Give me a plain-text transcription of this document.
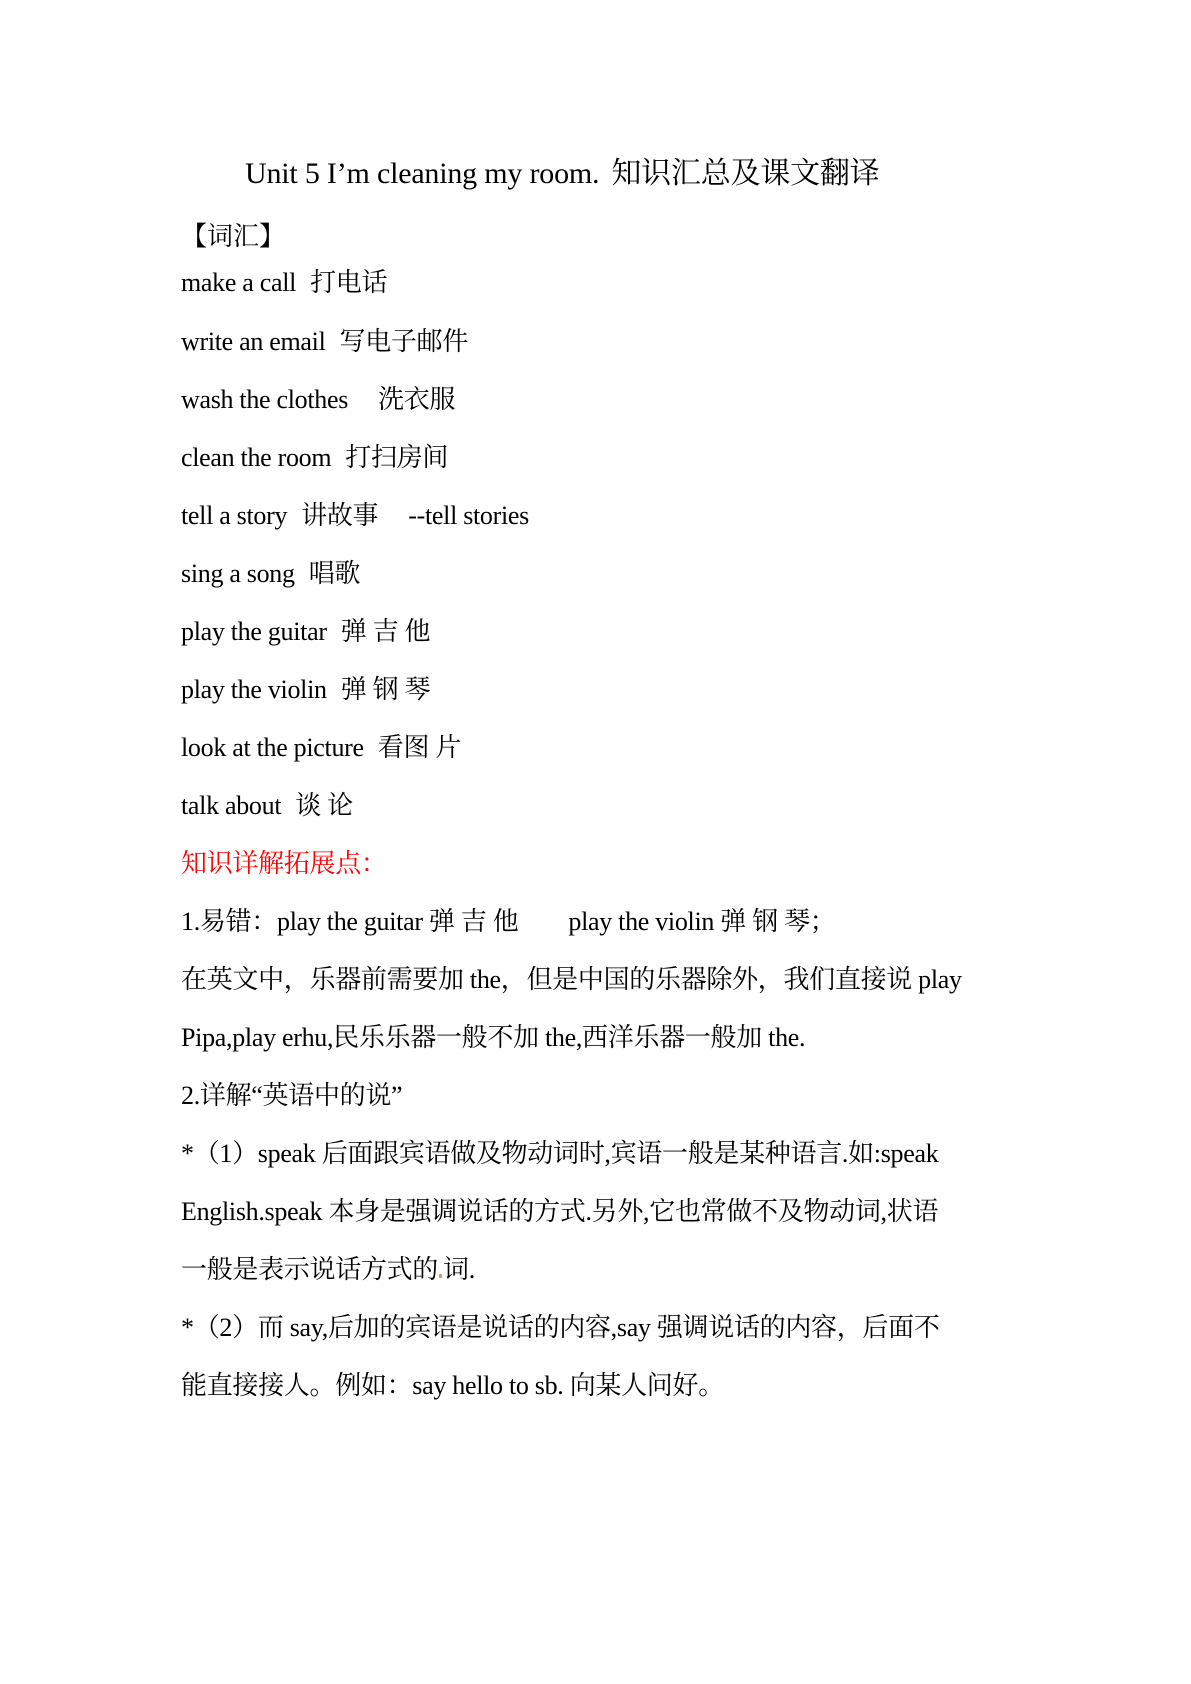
Unit 5 I’m cleaning my room. 知识汇总及课文翻译
【词汇】
make a call 打电话
write an email 写电子邮件
wash the clothes 洗衣服
clean the room 打扫房间
tell a story 讲故事 --tell stories
sing a song 唱歌
play the guitar 弹 吉 他
play the violin 弹 钢 琴
look at the picture 看图 片
talk about 谈 论
知识详解拓展点：
1.易错：play the guitar 弹 吉 他 play the violin 弹 钢 琴；
在英文中，乐器前需要加 the，但是中国的乐器除外，我们直接说 play
Pipa,play erhu,民乐乐器一般不加 the,西洋乐器一般加 the.
2.详解“英语中的说”
*（1）speak 后面跟宾语做及物动词时,宾语一般是某种语言.如:speak
English.speak 本身是强调说话的方式.另外,它也常做不及物动词,状语
一般是表示说话方式的 词.
*（2）而 say,后加的宾语是说话的内容,say 强调说话的内容，后面不
能直接接人。例如：say hello to sb. 向某人问好。
